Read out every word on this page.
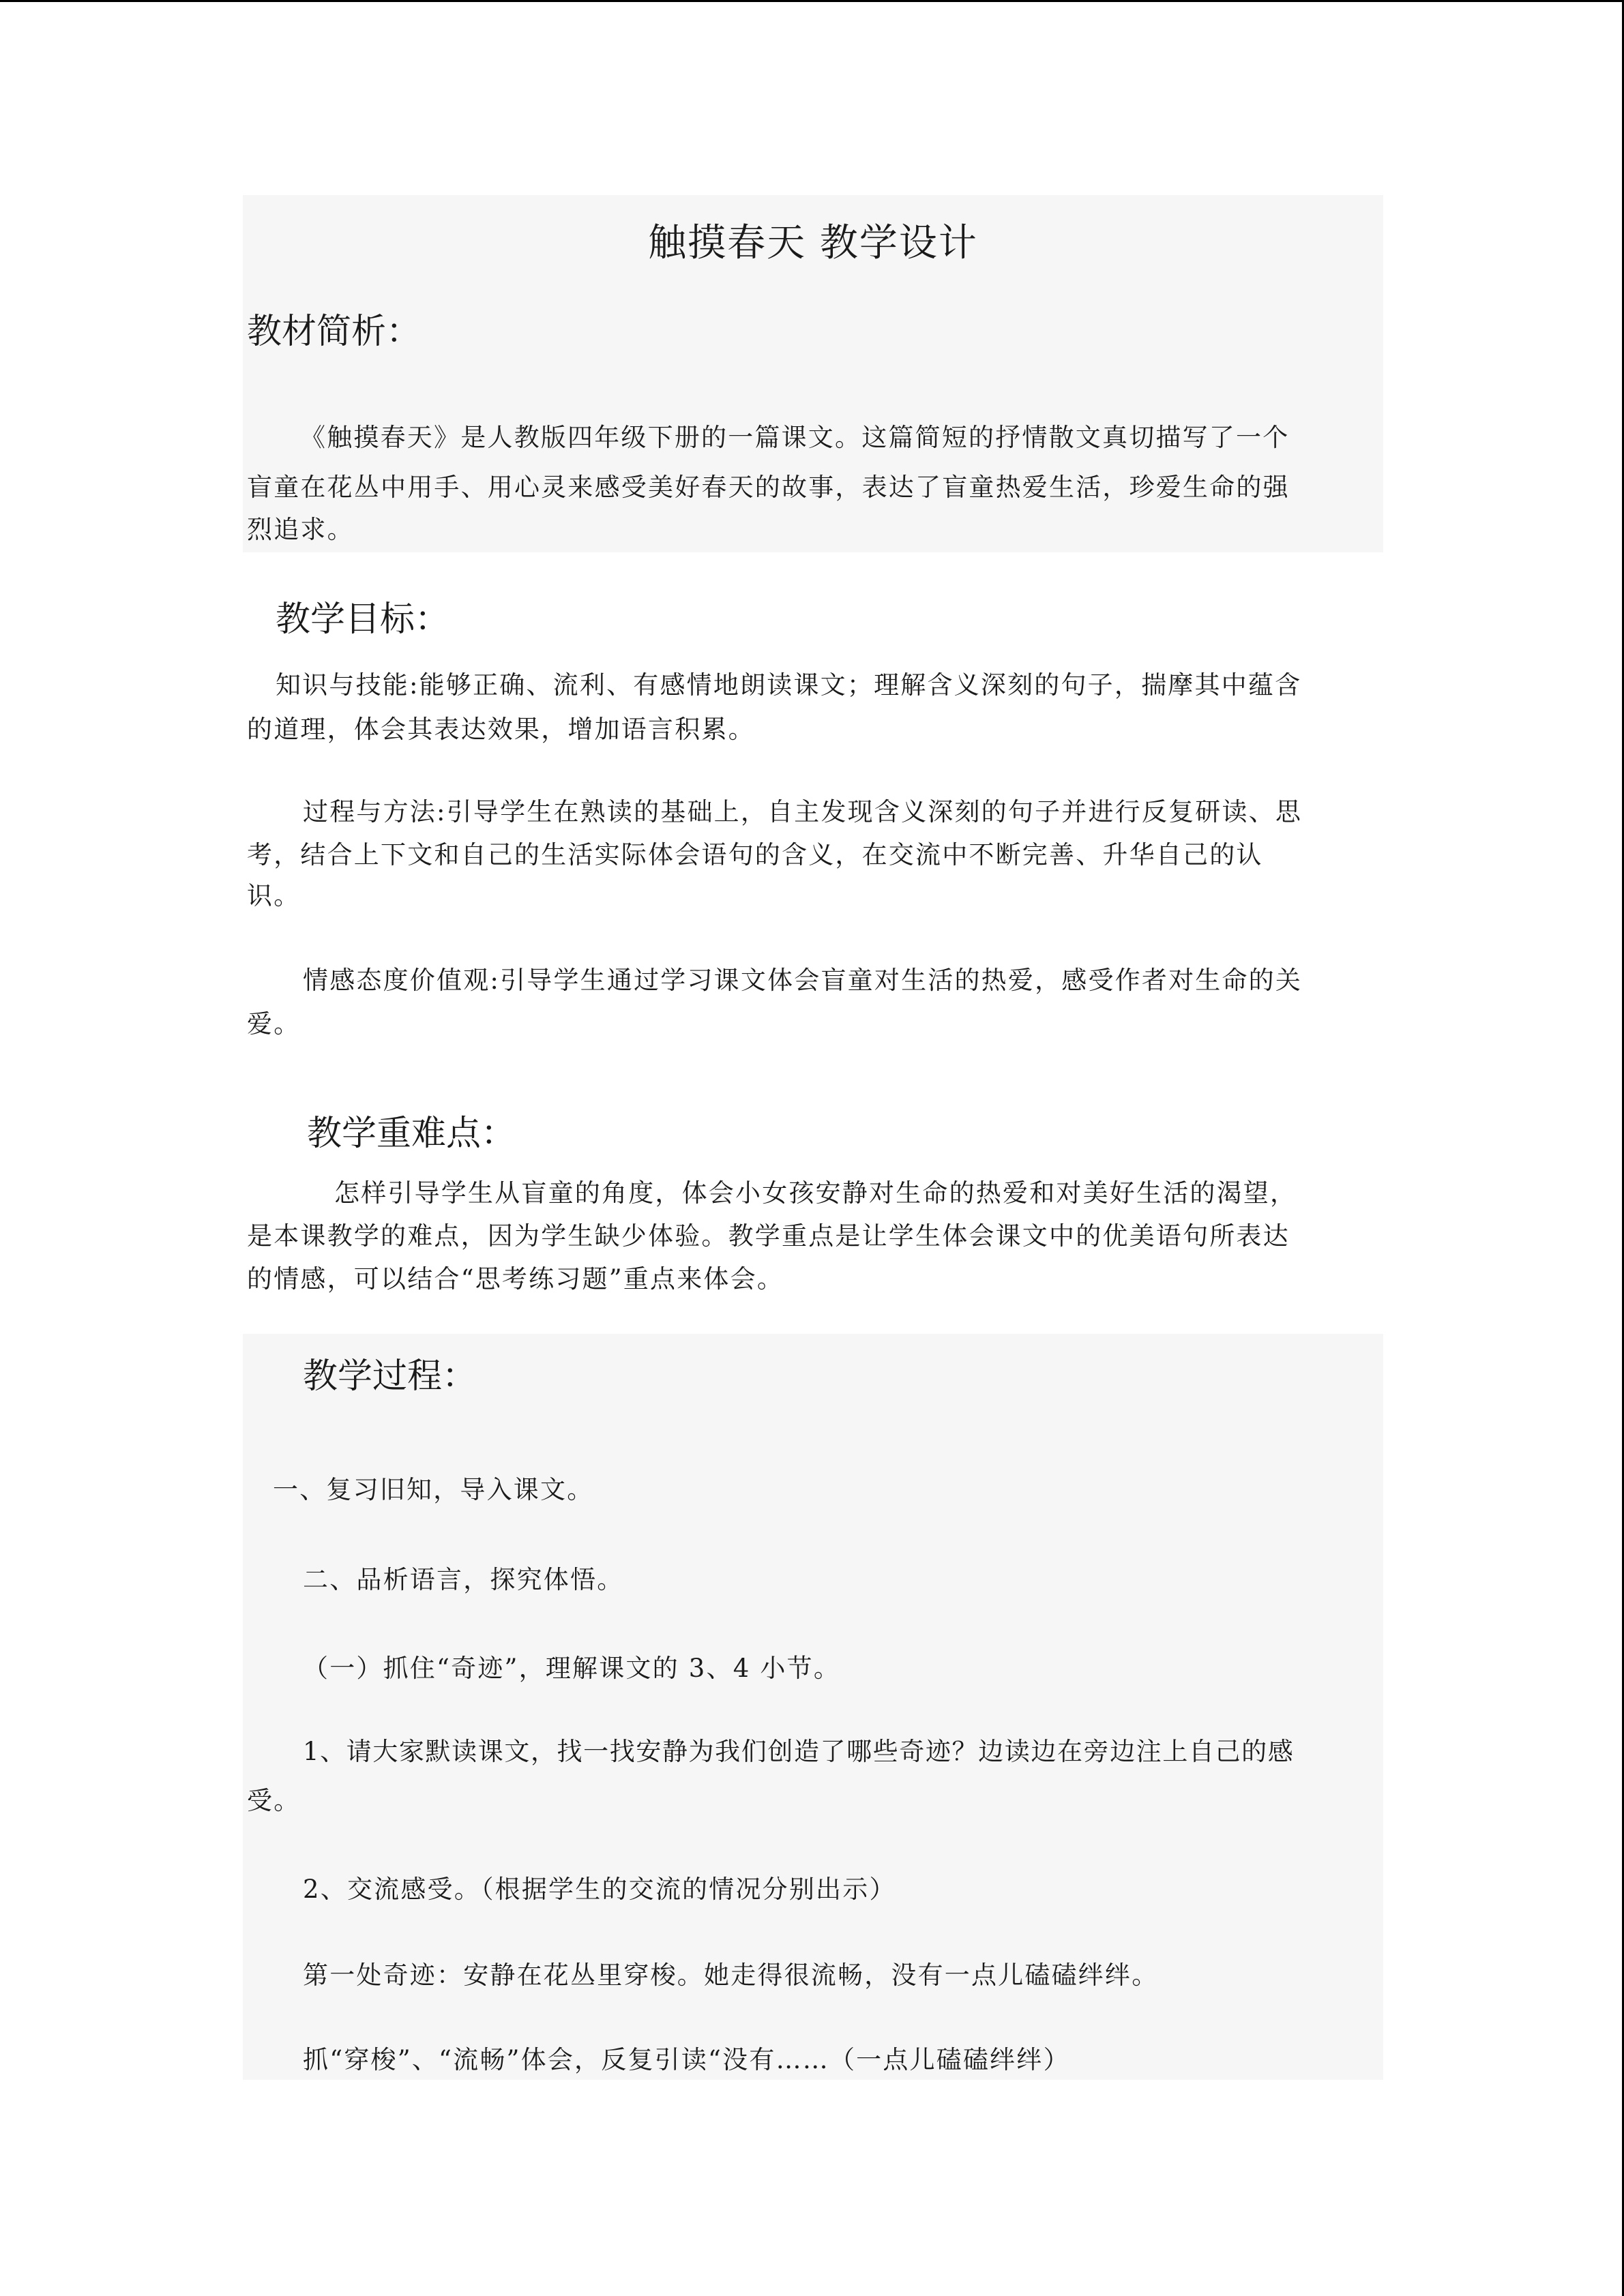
触摸春天 教学设计

教材简析：

《触摸春天》是人教版四年级下册的一篇课文。这篇简短的抒情散文真切描写了一个

盲童在花丛中用手、用心灵来感受美好春天的故事，表达了盲童热爱生活，珍爱生命的强

烈追求。

教学目标：

知识与技能:能够正确、流利、有感情地朗读课文；理解含义深刻的句子，揣摩其中蕴含

的道理，体会其表达效果，增加语言积累。

过程与方法:引导学生在熟读的基础上，自主发现含义深刻的句子并进行反复研读、思

考，结合上下文和自己的生活实际体会语句的含义，在交流中不断完善、升华自己的认

识。

情感态度价值观:引导学生通过学习课文体会盲童对生活的热爱，感受作者对生命的关

爱。

教学重难点：

怎样引导学生从盲童的角度，体会小女孩安静对生命的热爱和对美好生活的渴望，

是本课教学的难点，因为学生缺少体验。教学重点是让学生体会课文中的优美语句所表达

的情感，可以结合“思考练习题”重点来体会。

教学过程：

一、复习旧知，导入课文。

二、品析语言，探究体悟。

（一）抓住“奇迹”，理解课文的 3、4 小节。

1、请大家默读课文，找一找安静为我们创造了哪些奇迹？边读边在旁边注上自己的感

受。

2、交流感受。（根据学生的交流的情况分别出示）

第一处奇迹：安静在花丛里穿梭。她走得很流畅，没有一点儿磕磕绊绊。

抓“穿梭”、“流畅”体会，反复引读“没有……（一点儿磕磕绊绊）
